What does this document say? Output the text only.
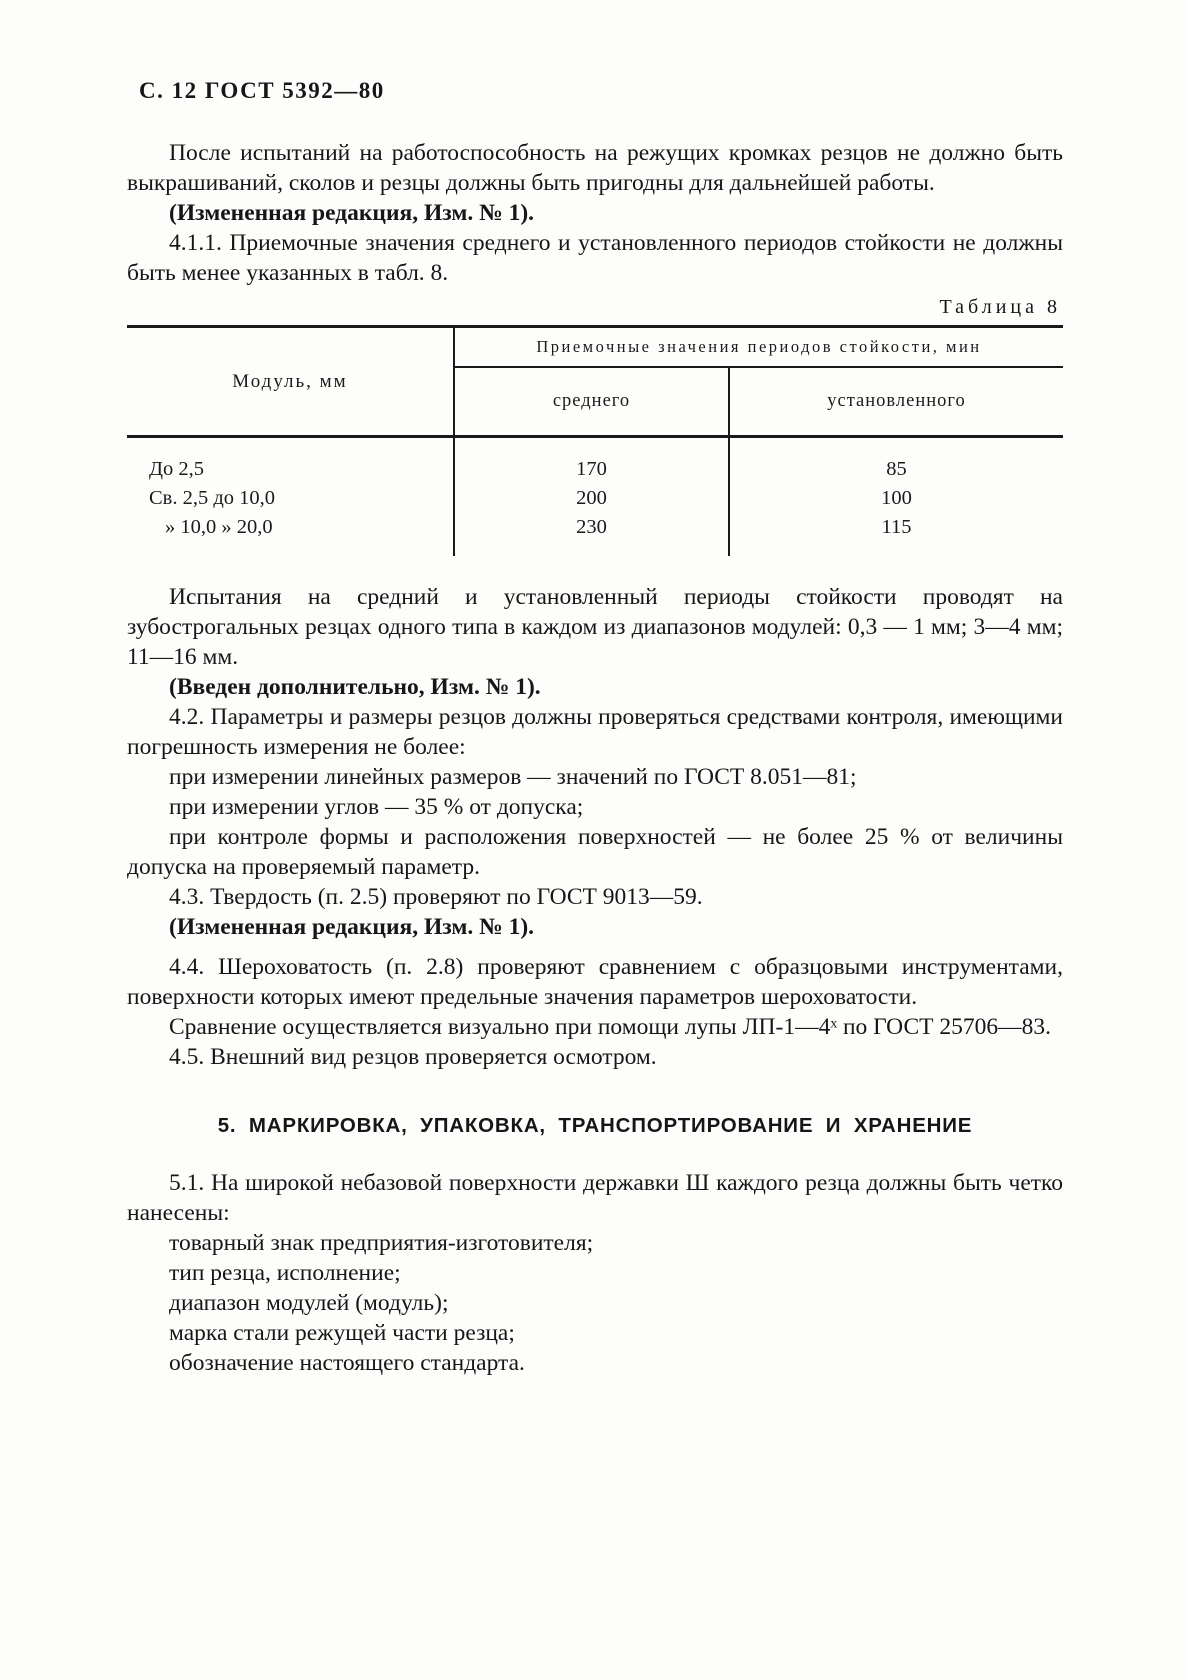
С. 12 ГОСТ 5392—80

После испытаний на работоспособность на режущих кромках резцов не должно быть выкрашиваний, сколов и резцы должны быть пригодны для дальнейшей работы.

(Измененная редакция, Изм. № 1).

4.1.1. Приемочные значения среднего и установленного периодов стойкости не должны быть менее указанных в табл. 8.

Таблица 8
Модуль, мм
Приемочные значения периодов стойкости, мин
среднего	установленного
До 2,5
Св. 2,5 до 10,0
» 10,0 » 20,0
170
200
230
85
100
115

Испытания на средний и установленный периоды стойкости проводят на зубострогальных резцах одного типа в каждом из диапазонов модулей: 0,3 — 1 мм; 3—4 мм; 11—16 мм.

(Введен дополнительно, Изм. № 1).

4.2. Параметры и размеры резцов должны проверяться средствами контроля, имеющими погрешность измерения не более:

при измерении линейных размеров — значений по ГОСТ 8.051—81;

при измерении углов — 35 % от допуска;

при контроле формы и расположения поверхностей — не более 25 % от величины допуска на проверяемый параметр.

4.3. Твердость (п. 2.5) проверяют по ГОСТ 9013—59.

(Измененная редакция, Изм. № 1).

4.4. Шероховатость (п. 2.8) проверяют сравнением с образцовыми инструментами, поверхности которых имеют предельные значения параметров шероховатости.

Сравнение осуществляется визуально при помощи лупы ЛП-1—4ˣ по ГОСТ 25706—83.

4.5. Внешний вид резцов проверяется осмотром.

5. МАРКИРОВКА, УПАКОВКА, ТРАНСПОРТИРОВАНИЕ И ХРАНЕНИЕ

5.1. На широкой небазовой поверхности державки Ш каждого резца должны быть четко нанесены:

товарный знак предприятия-изготовителя;

тип резца, исполнение;

диапазон модулей (модуль);

марка стали режущей части резца;

обозначение настоящего стандарта.
